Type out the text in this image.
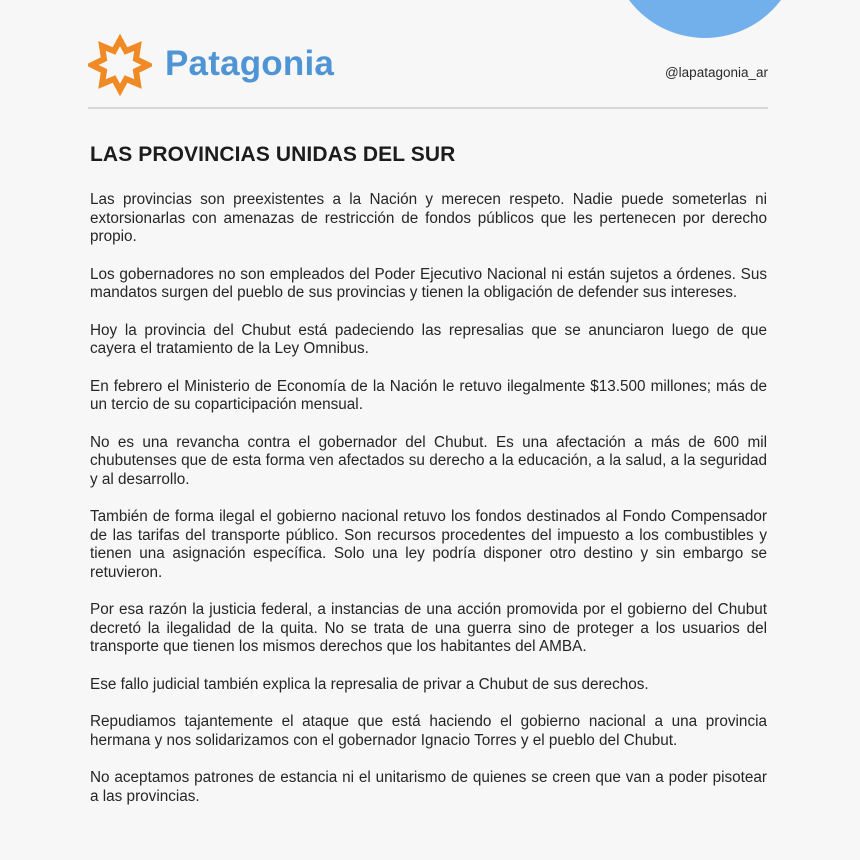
Patagonia	@lapatagonia_ar
LAS PROVINCIAS UNIDAS DEL SUR

Las provincias son preexistentes a la Nación y merecen respeto. Nadie puede someterlas ni extorsionarlas con amenazas de restricción de fondos públicos que les pertenecen por derecho propio.

Los gobernadores no son empleados del Poder Ejecutivo Nacional ni están sujetos a órdenes. Sus mandatos surgen del pueblo de sus provincias y tienen la obligación de defender sus intereses.

Hoy la provincia del Chubut está padeciendo las represalias que se anunciaron luego de que cayera el tratamiento de la Ley Omnibus.

En febrero el Ministerio de Economía de la Nación le retuvo ilegalmente $13.500 millones; más de un tercio de su coparticipación mensual.

No es una revancha contra el gobernador del Chubut. Es una afectación a más de 600 mil chubutenses que de esta forma ven afectados su derecho a la educación, a la salud, a la seguridad y al desarrollo.

También de forma ilegal el gobierno nacional retuvo los fondos destinados al Fondo Compensador de las tarifas del transporte público. Son recursos procedentes del impuesto a los combustibles y tienen una asignación específica. Solo una ley podría disponer otro destino y sin embargo se retuvieron.

Por esa razón la justicia federal, a instancias de una acción promovida por el gobierno del Chubut decretó la ilegalidad de la quita. No se trata de una guerra sino de proteger a los usuarios del transporte que tienen los mismos derechos que los habitantes del AMBA.

Ese fallo judicial también explica la represalia de privar a Chubut de sus derechos.

Repudiamos tajantemente el ataque que está haciendo el gobierno nacional a una provincia hermana y nos solidarizamos con el gobernador Ignacio Torres y el pueblo del Chubut.

No aceptamos patrones de estancia ni el unitarismo de quienes se creen que van a poder pisotear a las provincias.
